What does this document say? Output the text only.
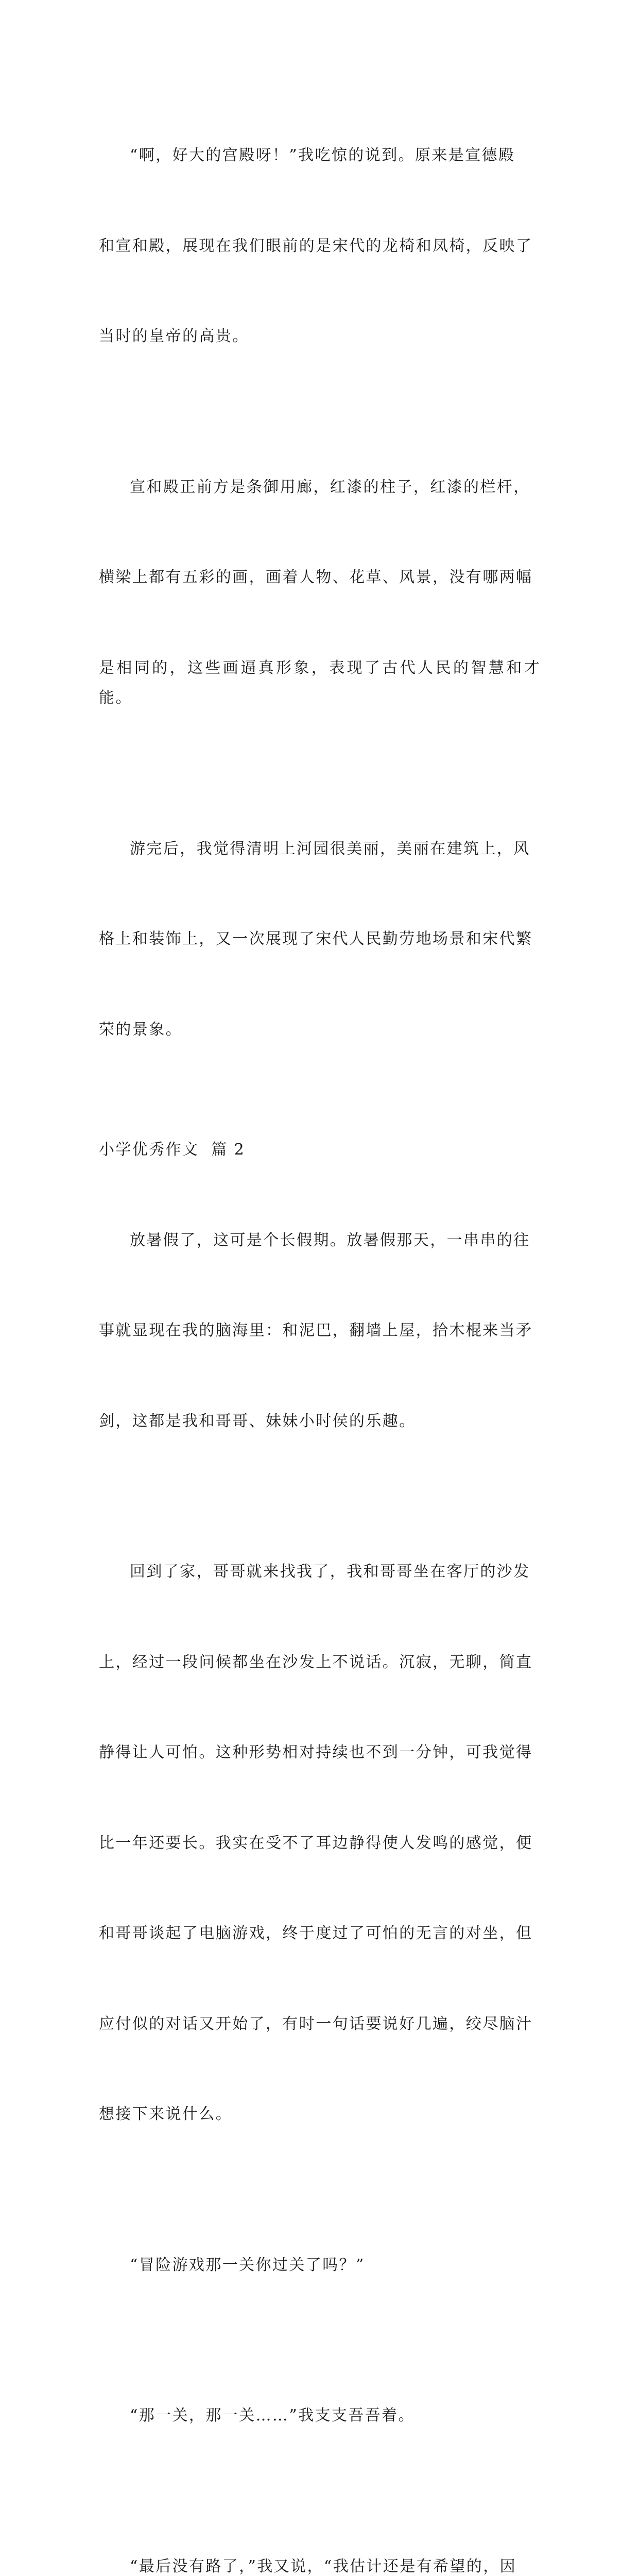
“啊，好大的宫殿呀！”我吃惊的说到。原来是宣德殿

和宣和殿，展现在我们眼前的是宋代的龙椅和凤椅，反映了

当时的皇帝的高贵。

宣和殿正前方是条御用廊，红漆的柱子，红漆的栏杆，

横梁上都有五彩的画，画着人物、花草、风景，没有哪两幅

是相同的，这些画逼真形象，表现了古代人民的智慧和才能。

游完后，我觉得清明上河园很美丽，美丽在建筑上，风

格上和装饰上，又一次展现了宋代人民勤劳地场景和宋代繁

荣的景象。

小学优秀作文  篇 2

放暑假了，这可是个长假期。放暑假那天，一串串的往

事就显现在我的脑海里：和泥巴，翻墙上屋，拾木棍来当矛

剑，这都是我和哥哥、妹妹小时侯的乐趣。

回到了家，哥哥就来找我了，我和哥哥坐在客厅的沙发

上，经过一段问候都坐在沙发上不说话。沉寂，无聊，简直

静得让人可怕。这种形势相对持续也不到一分钟，可我觉得

比一年还要长。我实在受不了耳边静得使人发鸣的感觉，便

和哥哥谈起了电脑游戏，终于度过了可怕的无言的对坐，但

应付似的对话又开始了，有时一句话要说好几遍，绞尽脑汁

想接下来说什么。

“冒险游戏那一关你过关了吗？”

“那一关，那一关……”我支支吾吾着。

“最后没有路了，”我又说，“我估计还是有希望的，因
